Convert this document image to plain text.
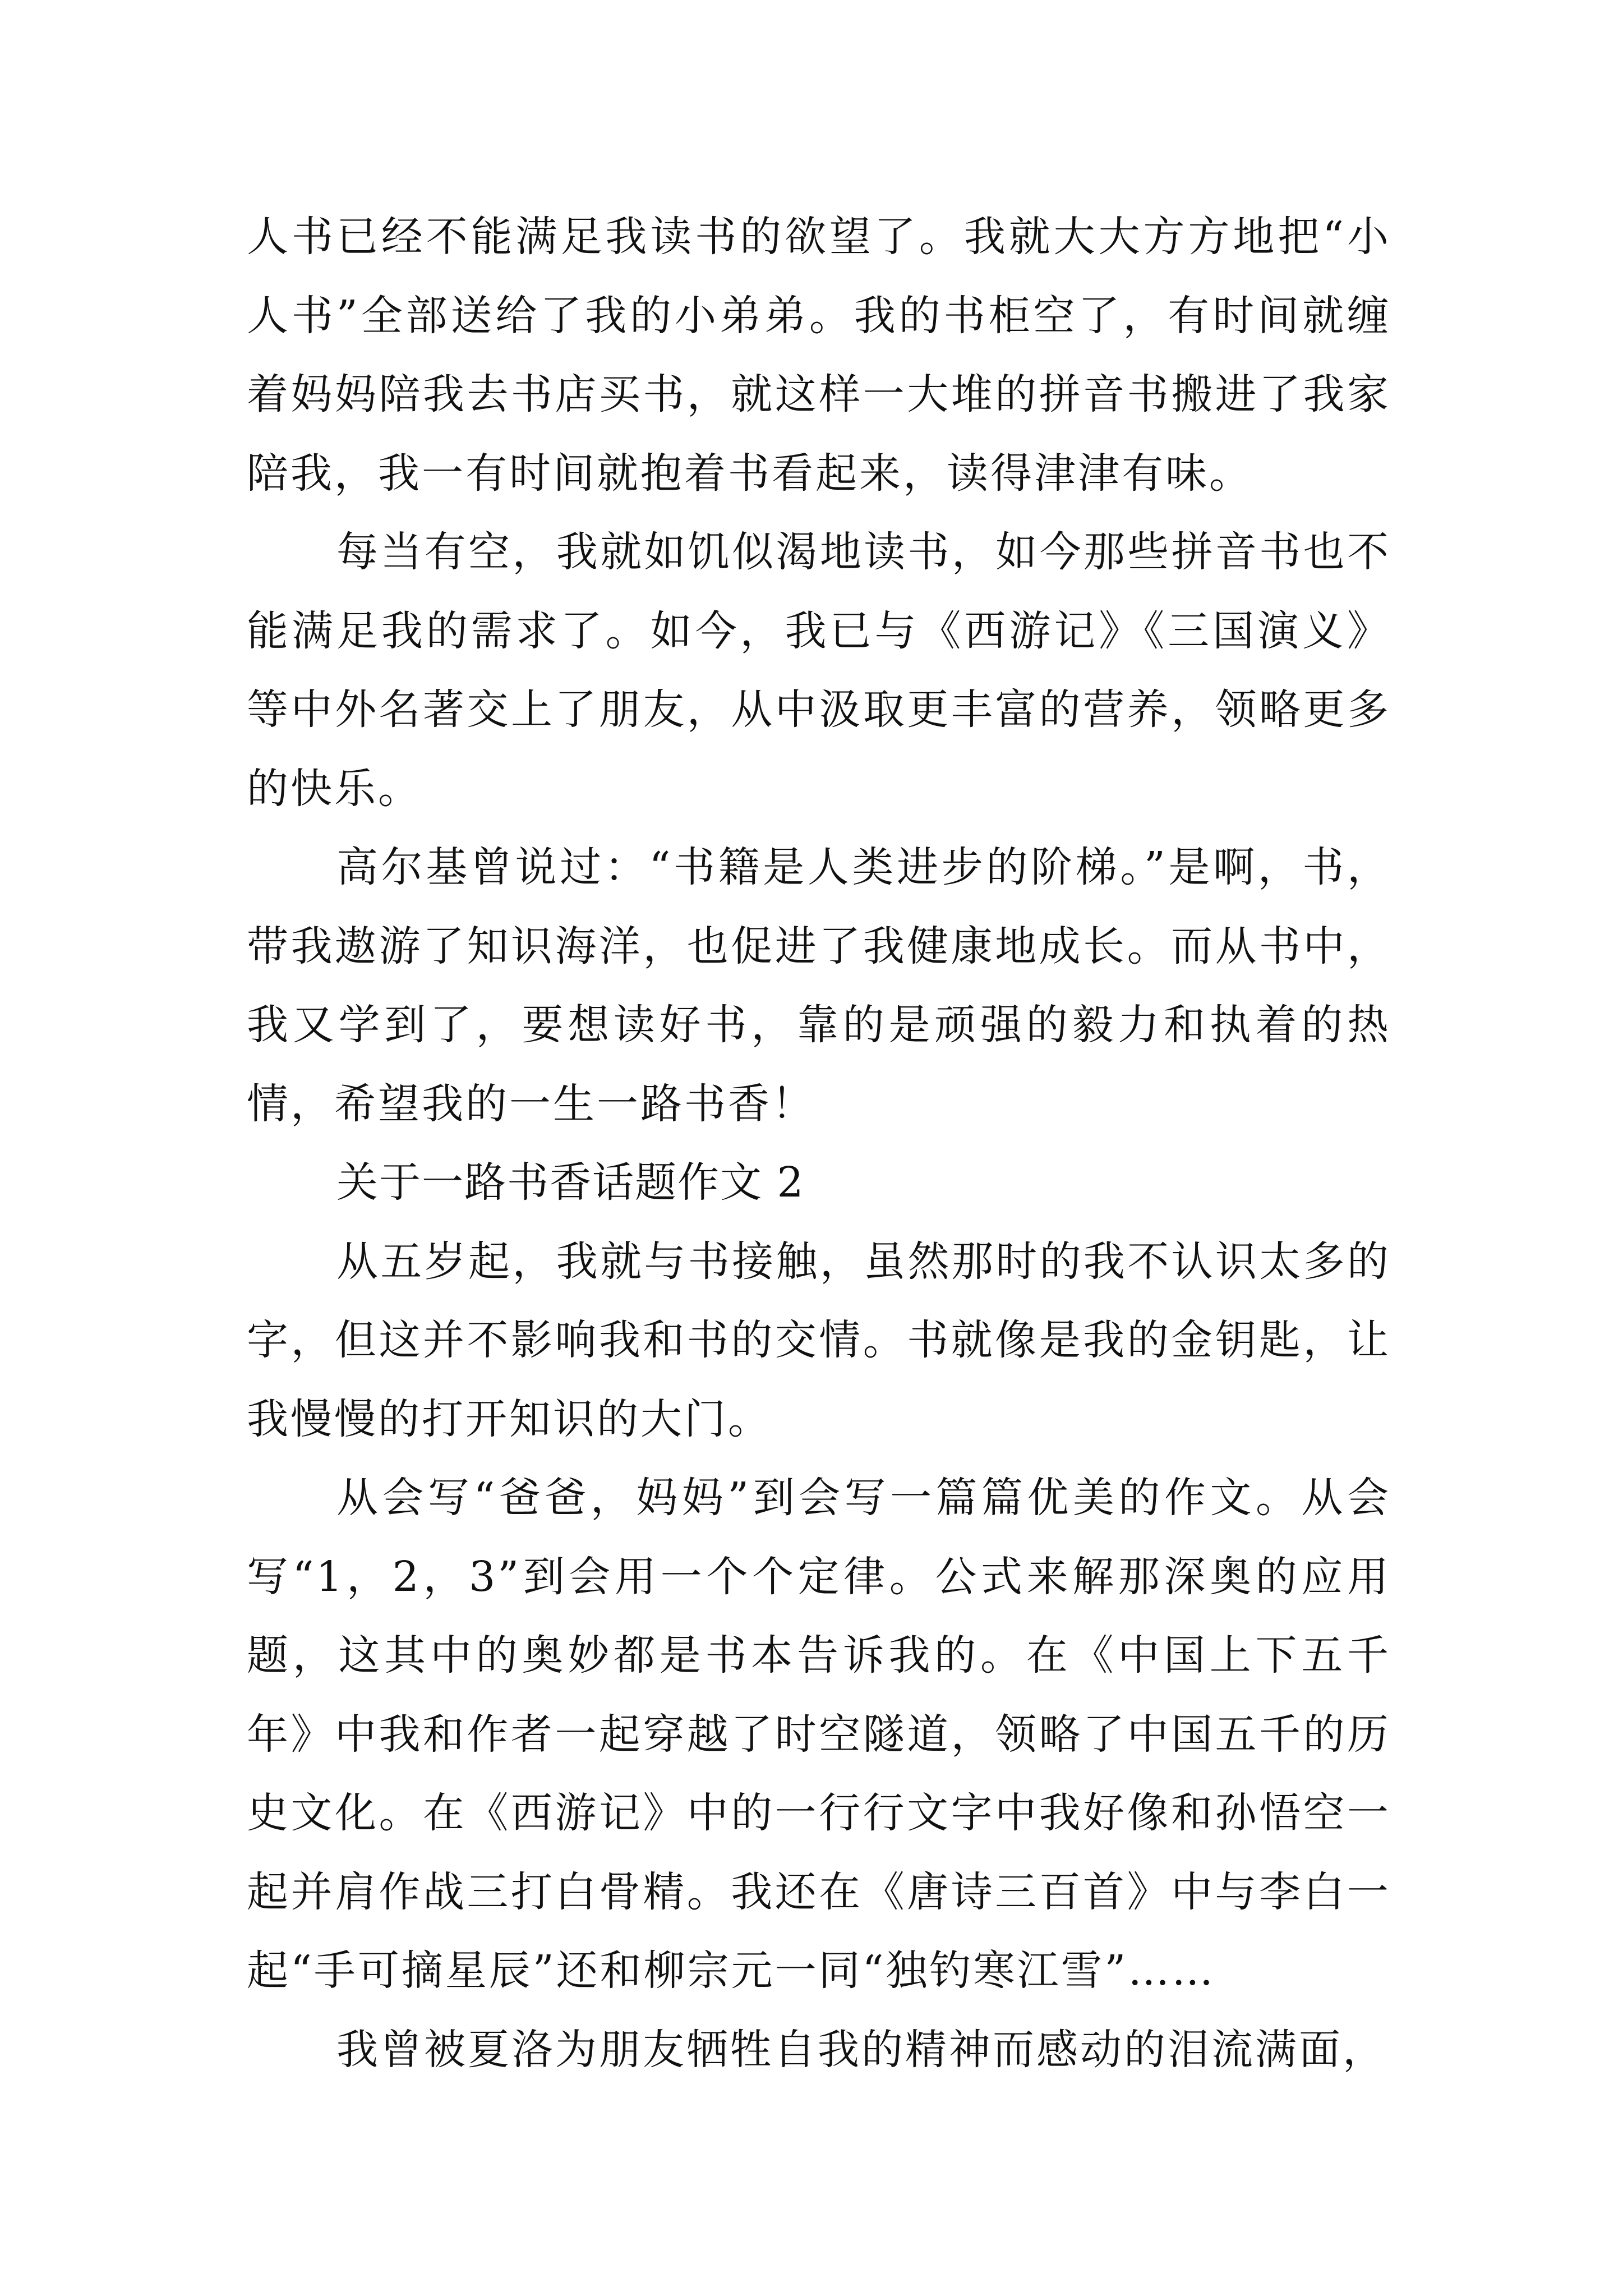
人书已经不能满足我读书的欲望了。我就大大方方地把“小人书”全部送给了我的小弟弟。我的书柜空了，有时间就缠着妈妈陪我去书店买书，就这样一大堆的拼音书搬进了我家陪我，我一有时间就抱着书看起来，读得津津有味。

每当有空，我就如饥似渴地读书，如今那些拼音书也不能满足我的需求了。如今，我已与《西游记》《三国演义》等中外名著交上了朋友，从中汲取更丰富的营养，领略更多的快乐。

高尔基曾说过：“书籍是人类进步的阶梯。”是啊，书，带我遨游了知识海洋，也促进了我健康地成长。而从书中，我又学到了，要想读好书，靠的是顽强的毅力和执着的热情，希望我的一生一路书香！

关于一路书香话题作文 2

从五岁起，我就与书接触，虽然那时的我不认识太多的字，但这并不影响我和书的交情。书就像是我的金钥匙，让我慢慢的打开知识的大门。

从会写“爸爸，妈妈”到会写一篇篇优美的作文。从会写“1，2，3”到会用一个个定律。公式来解那深奥的应用题，这其中的奥妙都是书本告诉我的。在《中国上下五千年》中我和作者一起穿越了时空隧道，领略了中国五千的历史文化。在《西游记》中的一行行文字中我好像和孙悟空一起并肩作战三打白骨精。我还在《唐诗三百首》中与李白一起“手可摘星辰”还和柳宗元一同“独钓寒江雪”……

我曾被夏洛为朋友牺牲自我的精神而感动的泪流满面，
